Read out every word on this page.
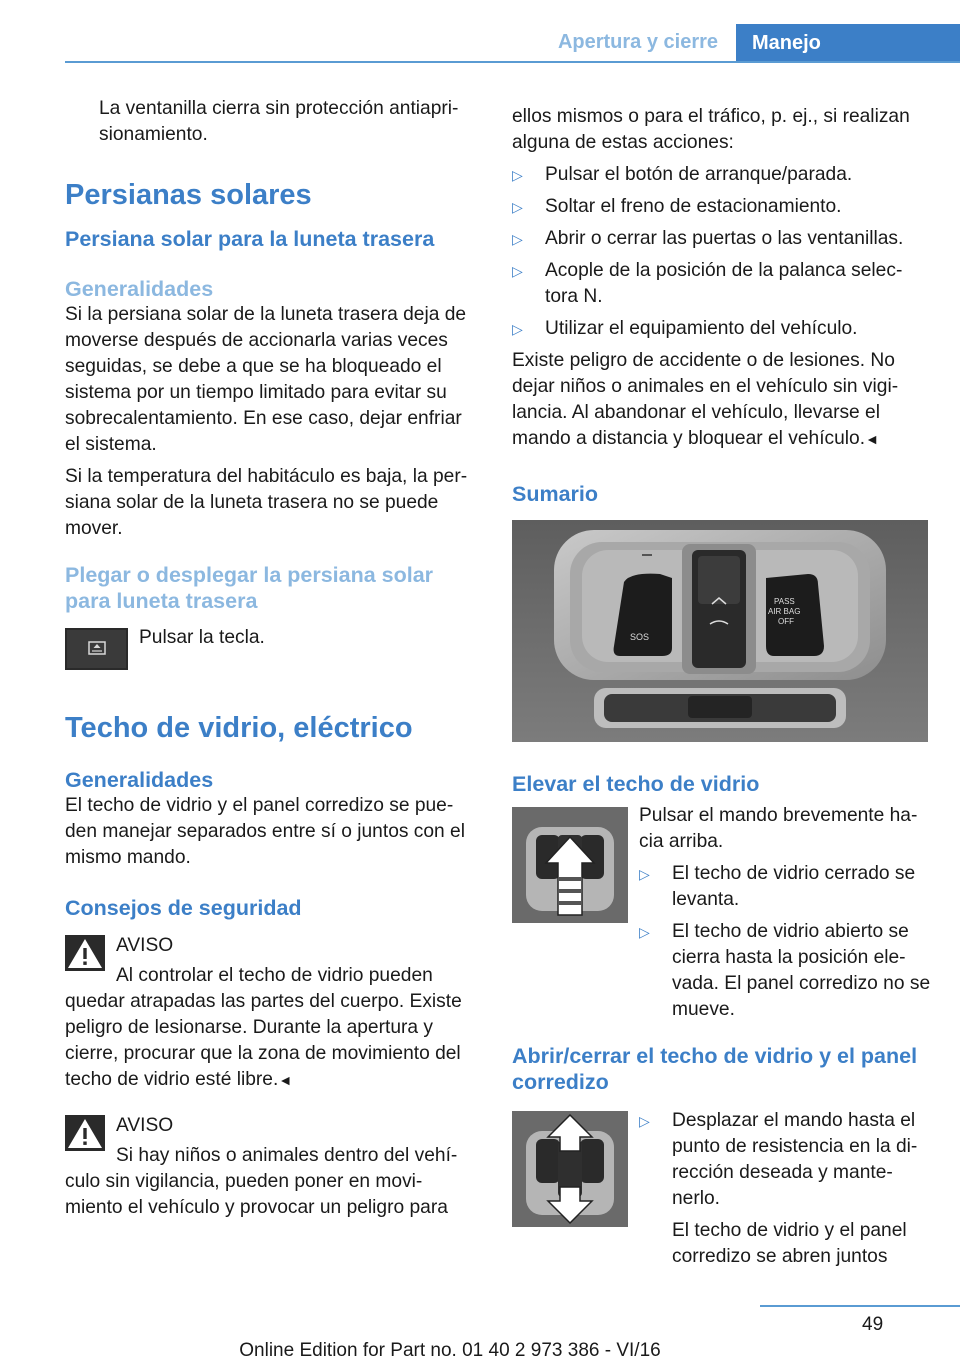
Apertura y cierre	Manejo

La ventanilla cierra sin protección antiapri‐sionamiento.

Persianas solares
Persiana solar para la luneta trasera
Generalidades

Si la persiana solar de la luneta trasera deja de moverse después de accionarla varias veces seguidas, se debe a que se ha bloqueado el sistema por un tiempo limitado para evitar su sobrecalentamiento. En ese caso, dejar enfriar el sistema.

Si la temperatura del habitáculo es baja, la per‐siana solar de la luneta trasera no se puede mover.

Plegar o desplegar la persiana solar para luneta trasera

Pulsar la tecla.

Techo de vidrio, eléctrico
Generalidades

El techo de vidrio y el panel corredizo se pue‐den manejar separados entre sí o juntos con el mismo mando.

Consejos de seguridad

AVISO

Al controlar el techo de vidrio pueden quedar atrapadas las partes del cuerpo. Existe peligro de lesionarse. Durante la apertura y cierre, procurar que la zona de movimiento del techo de vidrio esté libre.◄

AVISO

Si hay niños o animales dentro del vehí‐culo sin vigilancia, pueden poner en movi‐miento el vehículo y provocar un peligro para

ellos mismos o para el tráfico, p. ej., si realizan alguna de estas acciones:

▷ Pulsar el botón de arranque/parada.
▷ Soltar el freno de estacionamiento.
▷ Abrir o cerrar las puertas o las ventanillas.
▷ Acople de la posición de la palanca selec‐tora N.
▷ Utilizar el equipamiento del vehículo.

Existe peligro de accidente o de lesiones. No dejar niños o animales en el vehículo sin vigi‐lancia. Al abandonar el vehículo, llevarse el mando a distancia y bloquear el vehículo.◄

Sumario
SOS
PASS
AIR BAG
OFF
Elevar el techo de vidrio

Pulsar el mando brevemente ha‐cia arriba.

▷ El techo de vidrio cerrado se levanta.
▷ El techo de vidrio abierto se cierra hasta la posición ele‐vada. El panel corredizo no se mueve.
Abrir/cerrar el techo de vidrio y el panel corredizo
▷ Desplazar el mando hasta el punto de resistencia en la di‐rección deseada y mante‐nerlo.

El techo de vidrio y el panel corredizo se abren juntos

49
Online Edition for Part no. 01 40 2 973 386 - VI/16
